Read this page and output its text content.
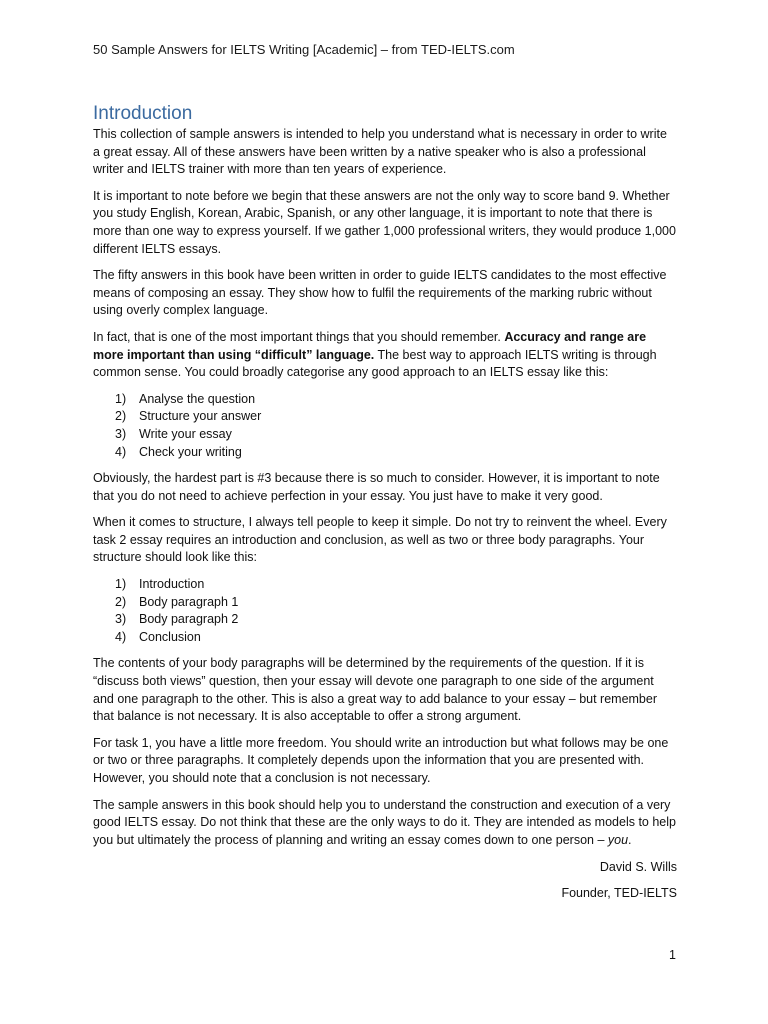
50 Sample Answers for IELTS Writing [Academic] – from TED-IELTS.com
Introduction

This collection of sample answers is intended to help you understand what is necessary in order to write a great essay. All of these answers have been written by a native speaker who is also a professional writer and IELTS trainer with more than ten years of experience.

It is important to note before we begin that these answers are not the only way to score band 9. Whether you study English, Korean, Arabic, Spanish, or any other language, it is important to note that there is more than one way to express yourself. If we gather 1,000 professional writers, they would produce 1,000 different IELTS essays.

The fifty answers in this book have been written in order to guide IELTS candidates to the most effective means of composing an essay. They show how to fulfil the requirements of the marking rubric without using overly complex language.

In fact, that is one of the most important things that you should remember. Accuracy and range are more important than using “difficult” language. The best way to approach IELTS writing is through common sense. You could broadly categorise any good approach to an IELTS essay like this:

1)	Analyse the question
2)	Structure your answer
3)	Write your essay
4)	Check your writing

Obviously, the hardest part is #3 because there is so much to consider. However, it is important to note that you do not need to achieve perfection in your essay. You just have to make it very good.

When it comes to structure, I always tell people to keep it simple. Do not try to reinvent the wheel. Every task 2 essay requires an introduction and conclusion, as well as two or three body paragraphs. Your structure should look like this:

1)	Introduction
2)	Body paragraph 1
3)	Body paragraph 2
4)	Conclusion

The contents of your body paragraphs will be determined by the requirements of the question. If it is “discuss both views” question, then your essay will devote one paragraph to one side of the argument and one paragraph to the other. This is also a great way to add balance to your essay – but remember that balance is not necessary. It is also acceptable to offer a strong argument.

For task 1, you have a little more freedom. You should write an introduction but what follows may be one or two or three paragraphs. It completely depends upon the information that you are presented with. However, you should note that a conclusion is not necessary.

The sample answers in this book should help you to understand the construction and execution of a very good IELTS essay. Do not think that these are the only ways to do it. They are intended as models to help you but ultimately the process of planning and writing an essay comes down to one person – you.

David S. Wills

Founder, TED-IELTS

1
